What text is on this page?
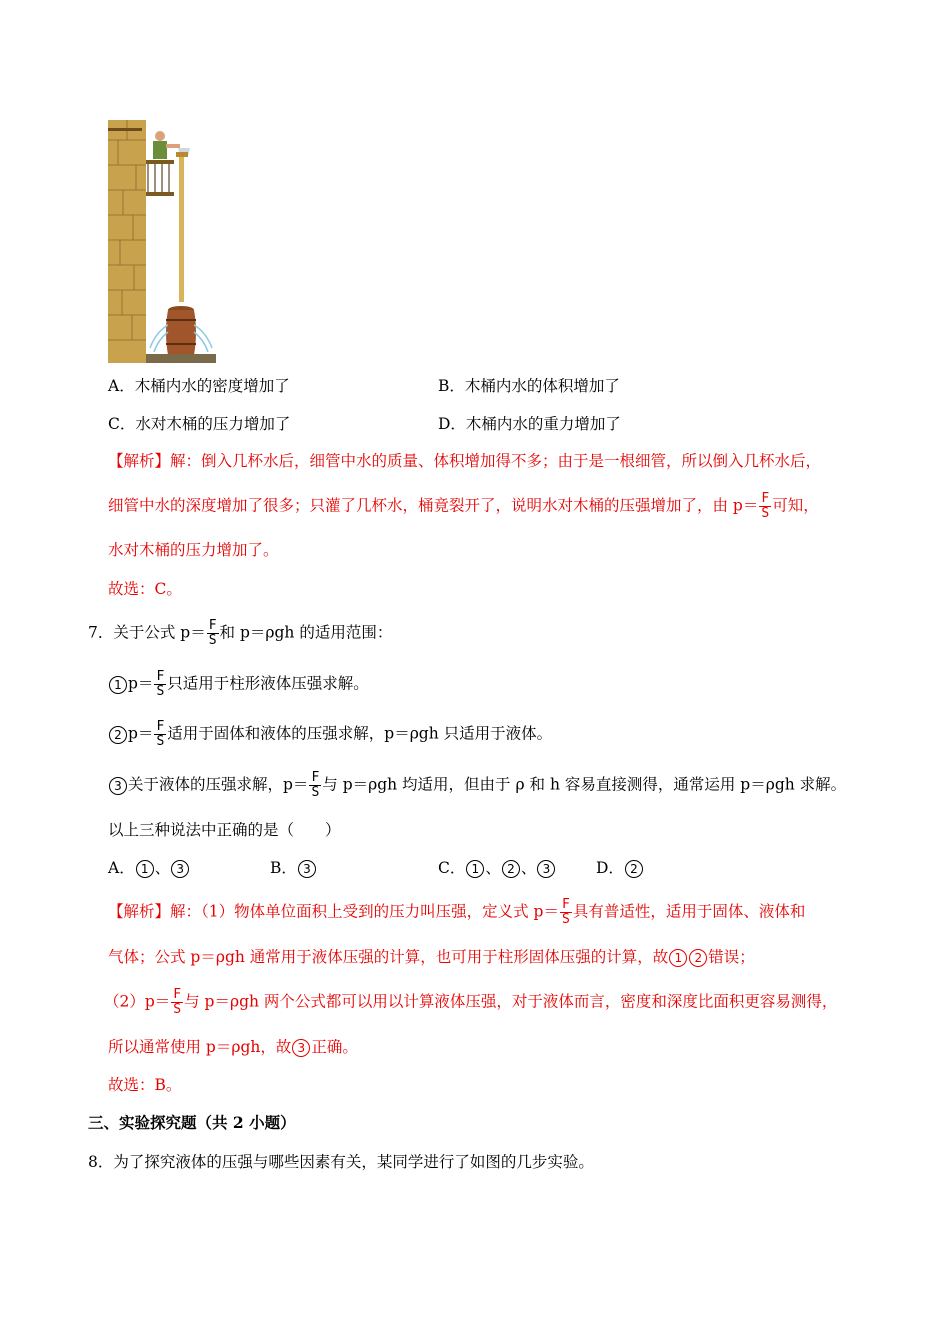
A．木桶内水的密度增加了	B．木桶内水的体积增加了
C．水对木桶的压力增加了	D．木桶内水的重力增加了
【解析】解：倒入几杯水后，细管中水的质量、体积增加得不多；由于是一根细管，所以倒入几杯水后，
细管中水的深度增加了很多；只灌了几杯水，桶竟裂开了，说明水对木桶的压强增加了，由 $p= \frac{F}{S}$ 可知，
水对木桶的压力增加了。
故选：C。
7．关于公式 $p= \frac{F}{S}$ 和 p＝ρgh 的适用范围：
1 $p= \frac{F}{S}$ 只适用于柱形液体压强求解。
2 $p= \frac{F}{S}$ 适用于固体和液体的压强求解，p＝ρgh 只适用于液体。
3 关于液体的压强求解，$p= \frac{F}{S}$ 与 p＝ρgh 均适用，但由于 ρ 和 h 容易直接测得，通常运用 p＝ρgh 求解。
以上三种说法中正确的是（　　）
A． 1 、 3	B． 3	C． 1 、 2 、 3	D． 2
【解析】解：（1）物体单位面积上受到的压力叫压强，定义式 $p= \frac{F}{S}$ 具有普适性，适用于固体、液体和
气体；公式 p＝ρgh 通常用于液体压强的计算，也可用于柱形固体压强的计算，故 1 2 错误；
$(2)p= \frac{F}{S}$ 与 p＝ρgh 两个公式都可以用以计算液体压强，对于液体而言，密度和深度比面积更容易测得，
所以通常使用 p＝ρgh，故 3 正确。
故选：B。
三、实验探究题（共 2 小题）
8．为了探究液体的压强与哪些因素有关，某同学进行了如图的几步实验。
